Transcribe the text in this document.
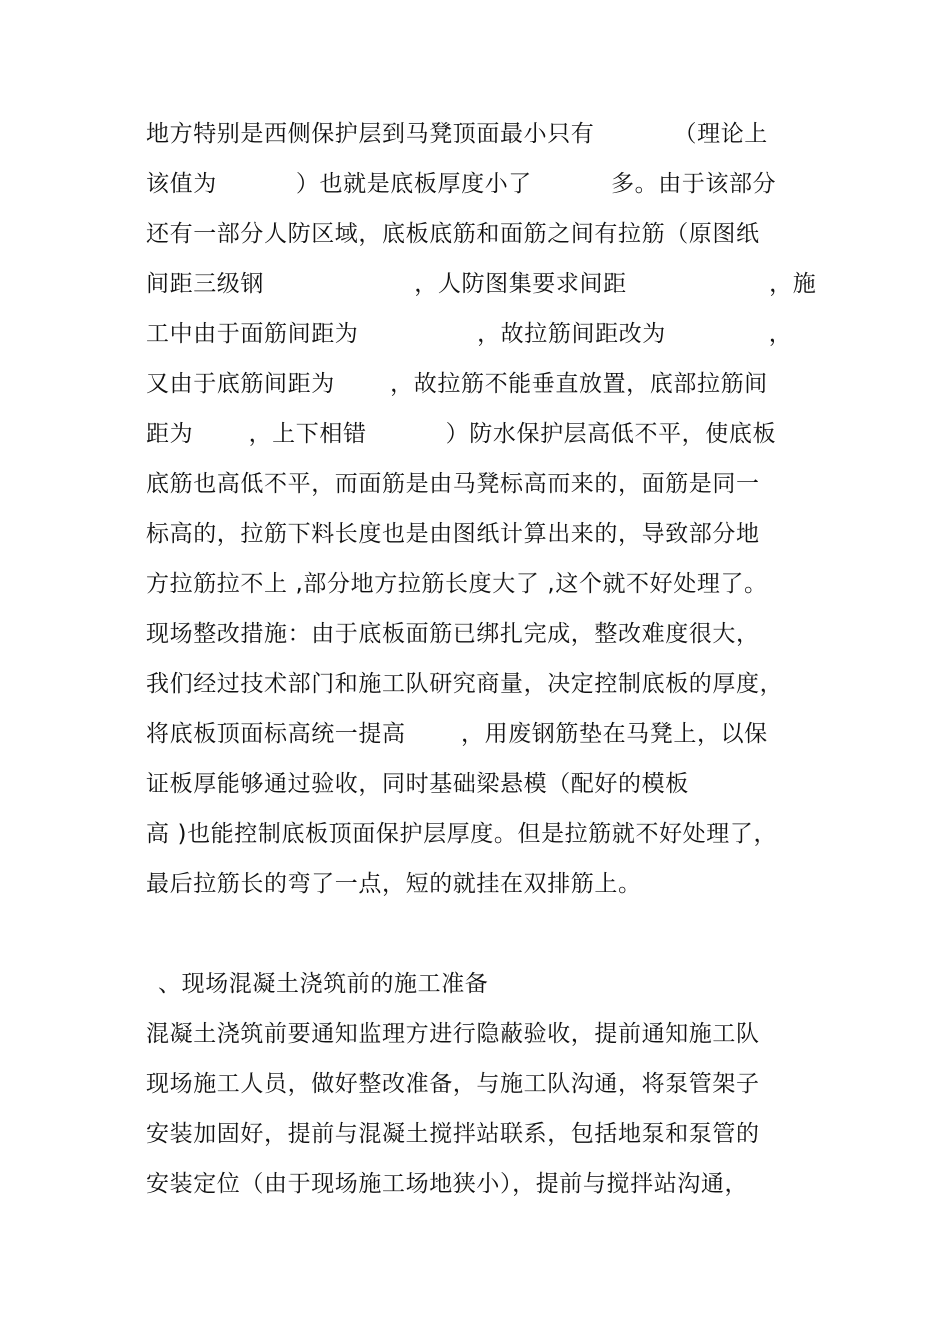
地方特别是西侧保护层到马凳顶面最小只有          （理论上
该值为          ）也就是底板厚度小了          多。由于该部分
还有一部分人防区域，底板底筋和面筋之间有拉筋（原图纸
间距三级钢                   ，人防图集要求间距                  ，施
工中由于面筋间距为               ，故拉筋间距改为             ，
又由于底筋间距为       ，故拉筋不能垂直放置，底部拉筋间
距为       ，上下相错          ）防水保护层高低不平，使底板
底筋也高低不平，而面筋是由马凳标高而来的，面筋是同一
标高的，拉筋下料长度也是由图纸计算出来的，导致部分地
方拉筋拉不上 ,部分地方拉筋长度大了 ,这个就不好处理了。
现场整改措施：由于底板面筋已绑扎完成，整改难度很大，
我们经过技术部门和施工队研究商量，决定控制底板的厚度，
将底板顶面标高统一提高       ，用废钢筋垫在马凳上，以保
证板厚能够通过验收，同时基础梁悬模（配好的模板
高 )也能控制底板顶面保护层厚度。但是拉筋就不好处理了，
最后拉筋长的弯了一点，短的就挂在双排筋上。
、现场混凝土浇筑前的施工准备
混凝土浇筑前要通知监理方进行隐蔽验收，提前通知施工队
现场施工人员，做好整改准备，与施工队沟通，将泵管架子
安装加固好，提前与混凝土搅拌站联系，包括地泵和泵管的
安装定位（由于现场施工场地狭小），提前与搅拌站沟通，
